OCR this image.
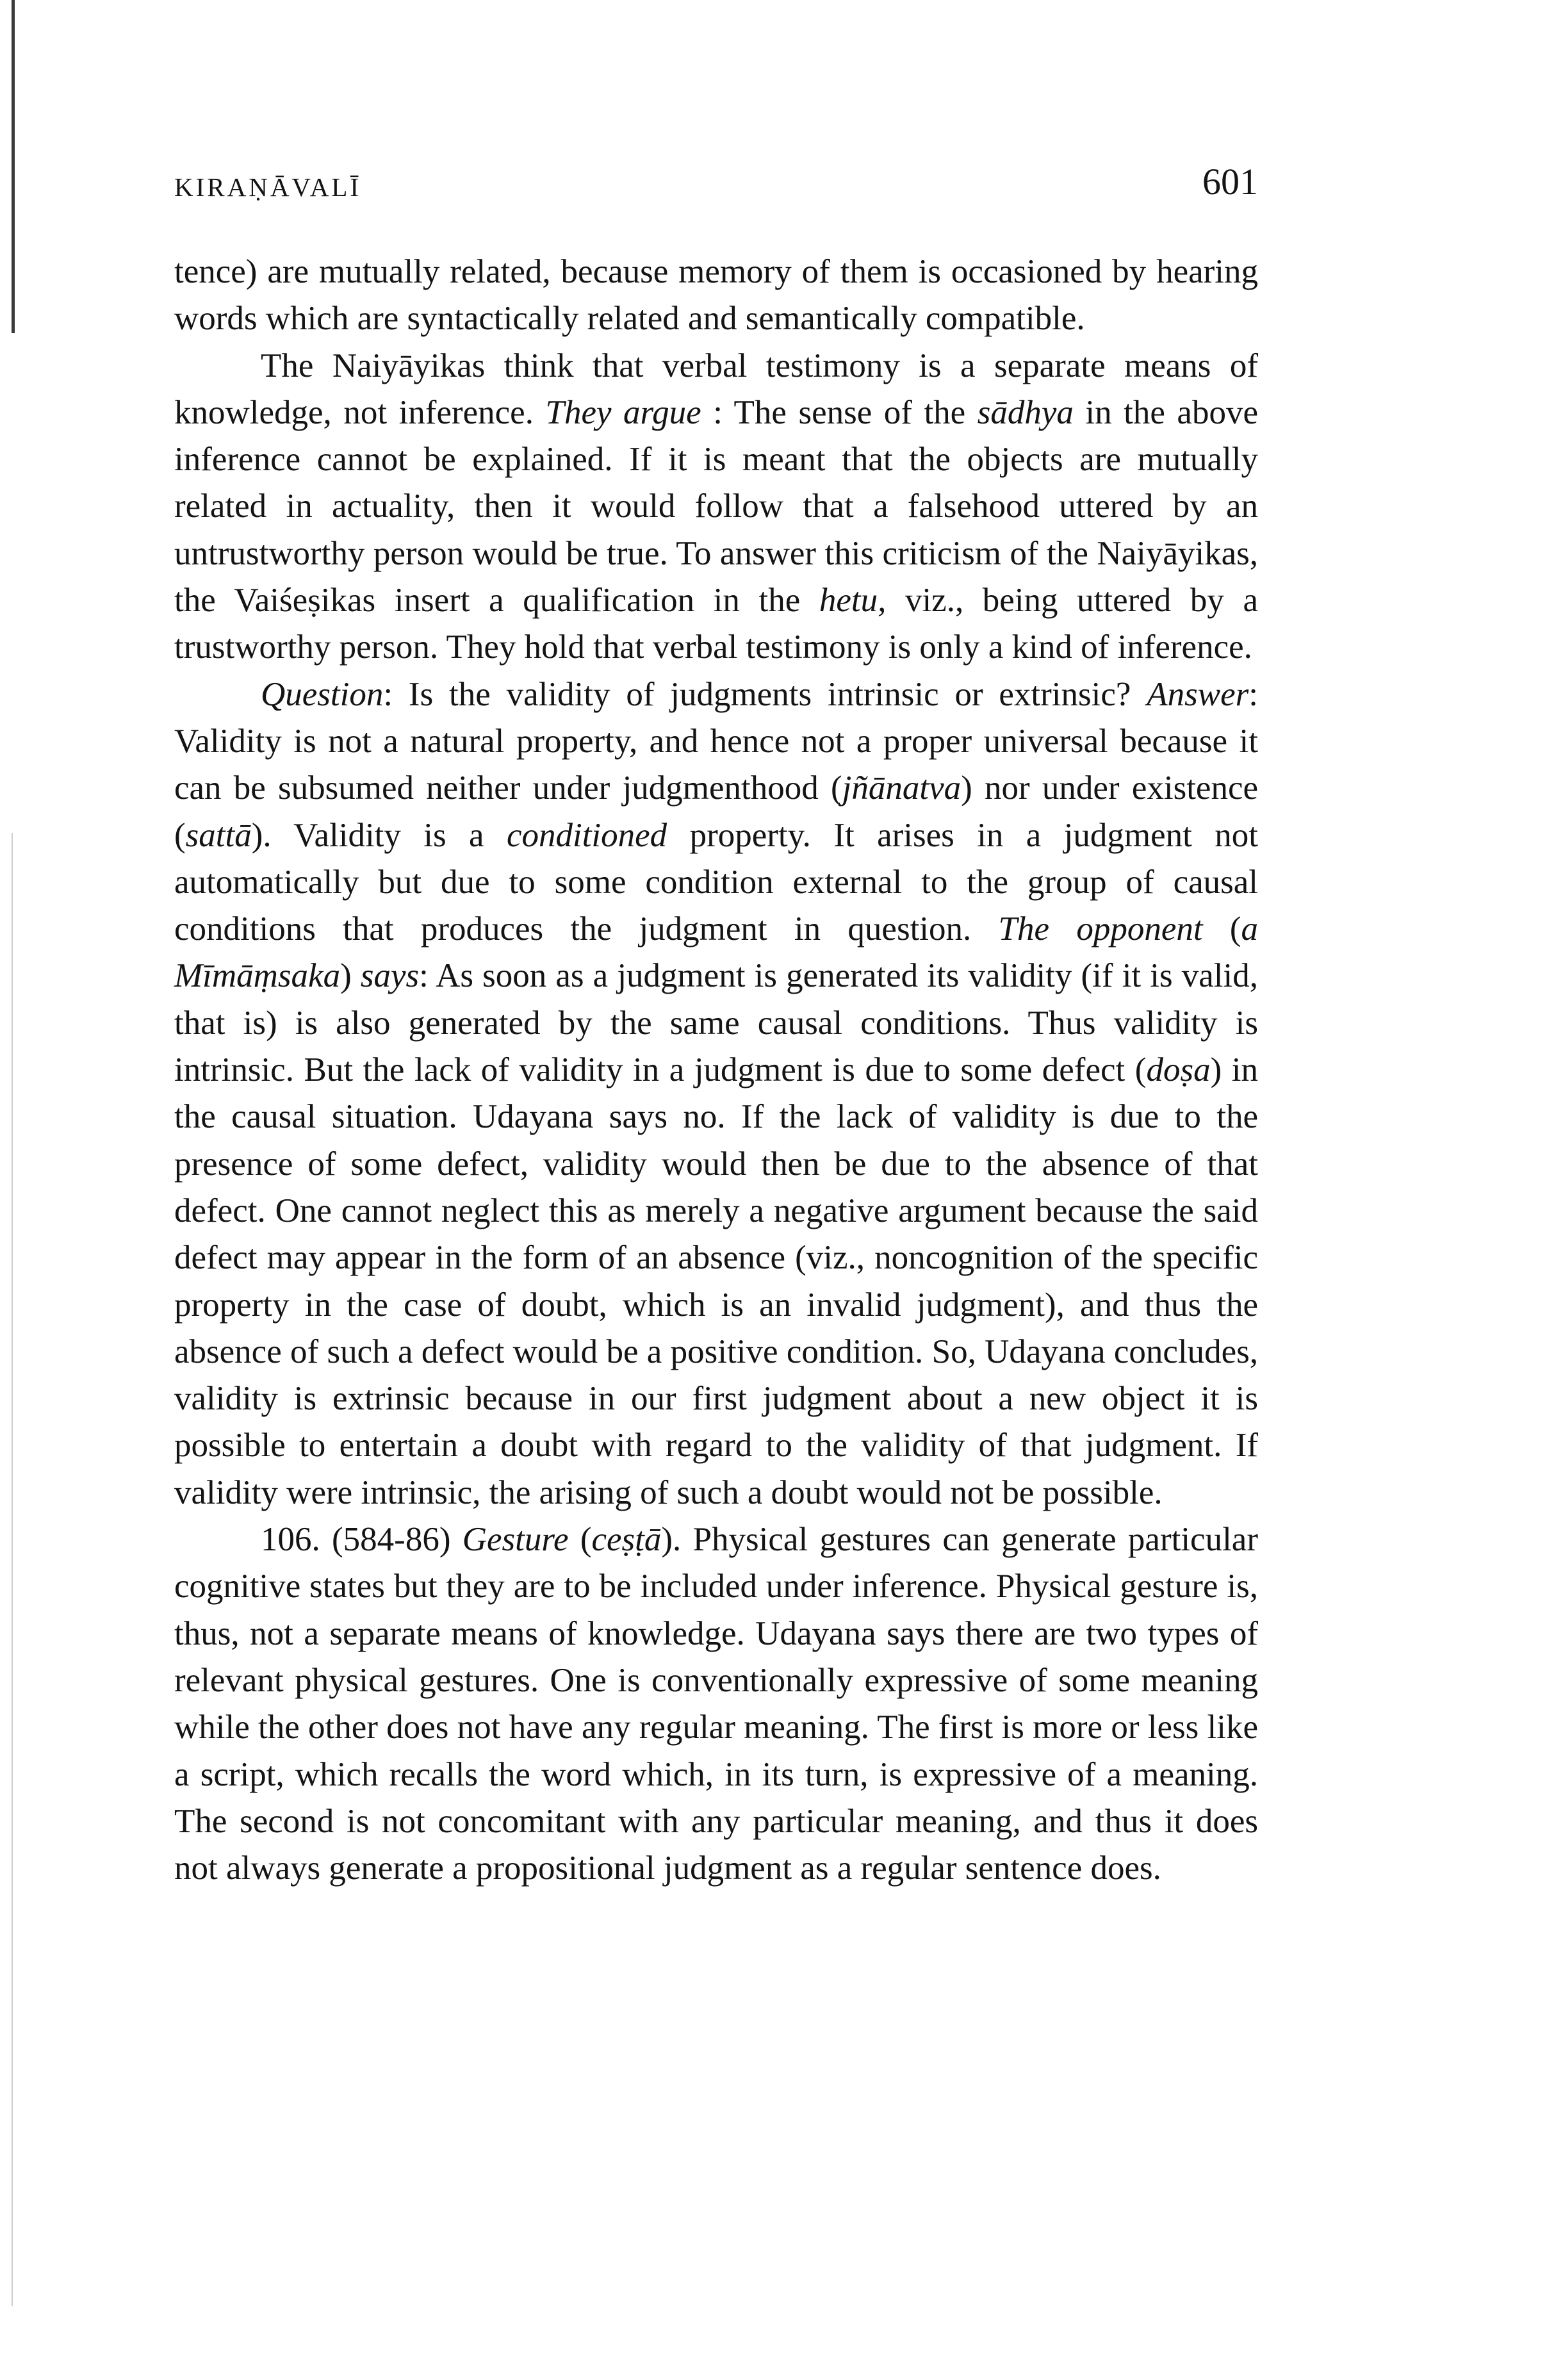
KIRAṆĀVALĪ	601

tence) are mutually related, because memory of them is occasioned by hearing words which are syntactically related and semantically compatible.

The Naiyāyikas think that verbal testimony is a separate means of knowledge, not inference. They argue : The sense of the sādhya in the above inference cannot be explained. If it is meant that the objects are mutually related in actuality, then it would follow that a falsehood uttered by an untrustworthy person would be true. To answer this criticism of the Naiyāyikas, the Vaiśeṣikas insert a qualification in the hetu, viz., being uttered by a trustworthy person. They hold that verbal testimony is only a kind of inference.

Question: Is the validity of judgments intrinsic or extrinsic? Answer: Validity is not a natural property, and hence not a proper universal because it can be subsumed neither under judgmenthood (jñānatva) nor under existence (sattā). Validity is a conditioned property. It arises in a judgment not automatically but due to some condition external to the group of causal conditions that produces the judgment in question. The opponent (a Mīmāṃsaka) says: As soon as a judgment is generated its validity (if it is valid, that is) is also generated by the same causal conditions. Thus validity is intrinsic. But the lack of validity in a judgment is due to some defect (doṣa) in the causal situation. Udayana says no. If the lack of validity is due to the presence of some defect, validity would then be due to the absence of that defect. One cannot neglect this as merely a negative argument because the said defect may appear in the form of an absence (viz., noncognition of the specific property in the case of doubt, which is an invalid judgment), and thus the absence of such a defect would be a positive condition. So, Udayana concludes, validity is extrinsic because in our first judgment about a new object it is possible to entertain a doubt with regard to the validity of that judgment. If validity were intrinsic, the arising of such a doubt would not be possible.

106. (584-86) Gesture (ceṣṭā). Physical gestures can generate particular cognitive states but they are to be included under inference. Physical gesture is, thus, not a separate means of knowledge. Udayana says there are two types of relevant physical gestures. One is conventionally expressive of some meaning while the other does not have any regular meaning. The first is more or less like a script, which recalls the word which, in its turn, is expressive of a meaning. The second is not concomitant with any particular meaning, and thus it does not always generate a propositional judgment as a regular sentence does.
